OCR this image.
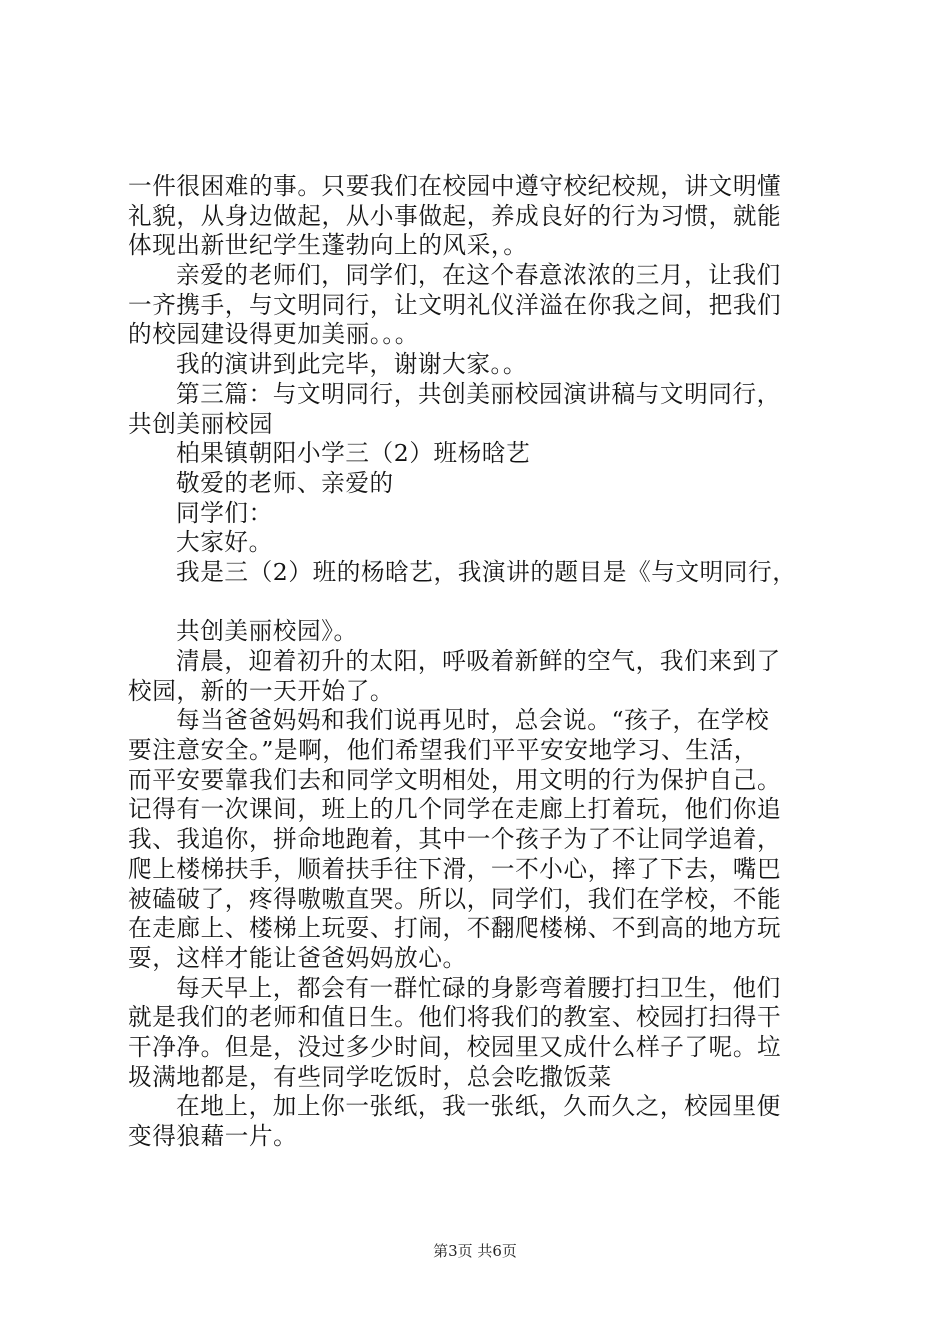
一件很困难的事。只要我们在校园中遵守校纪校规，讲文明懂
礼貌，从身边做起，从小事做起，养成良好的行为习惯，就能
体现出新世纪学生蓬勃向上的风采，。
亲爱的老师们，同学们，在这个春意浓浓的三月，让我们
一齐携手，与文明同行，让文明礼仪洋溢在你我之间，把我们
的校园建设得更加美丽。。。
我的演讲到此完毕，谢谢大家。。
第三篇：与文明同行，共创美丽校园演讲稿与文明同行，
共创美丽校园
柏果镇朝阳小学三（2）班杨晗艺
敬爱的老师、亲爱的
同学们：
大家好。
我是三（2）班的杨晗艺，我演讲的题目是《与文明同行，
共创美丽校园》。
清晨，迎着初升的太阳，呼吸着新鲜的空气，我们来到了
校园，新的一天开始了。
每当爸爸妈妈和我们说再见时，总会说。“孩子，在学校
要注意安全。”是啊，他们希望我们平平安安地学习、生活，
而平安要靠我们去和同学文明相处，用文明的行为保护自己。
记得有一次课间，班上的几个同学在走廊上打着玩，他们你追
我、我追你，拼命地跑着，其中一个孩子为了不让同学追着，
爬上楼梯扶手，顺着扶手往下滑，一不小心，摔了下去，嘴巴
被磕破了，疼得嗷嗷直哭。所以，同学们，我们在学校，不能
在走廊上、楼梯上玩耍、打闹，不翻爬楼梯、不到高的地方玩
耍，这样才能让爸爸妈妈放心。
每天早上，都会有一群忙碌的身影弯着腰打扫卫生，他们
就是我们的老师和值日生。他们将我们的教室、校园打扫得干
干净净。但是，没过多少时间，校园里又成什么样子了呢。垃
圾满地都是，有些同学吃饭时，总会吃撒饭菜
在地上，加上你一张纸，我一张纸，久而久之，校园里便
变得狼藉一片。
第3页 共6页
